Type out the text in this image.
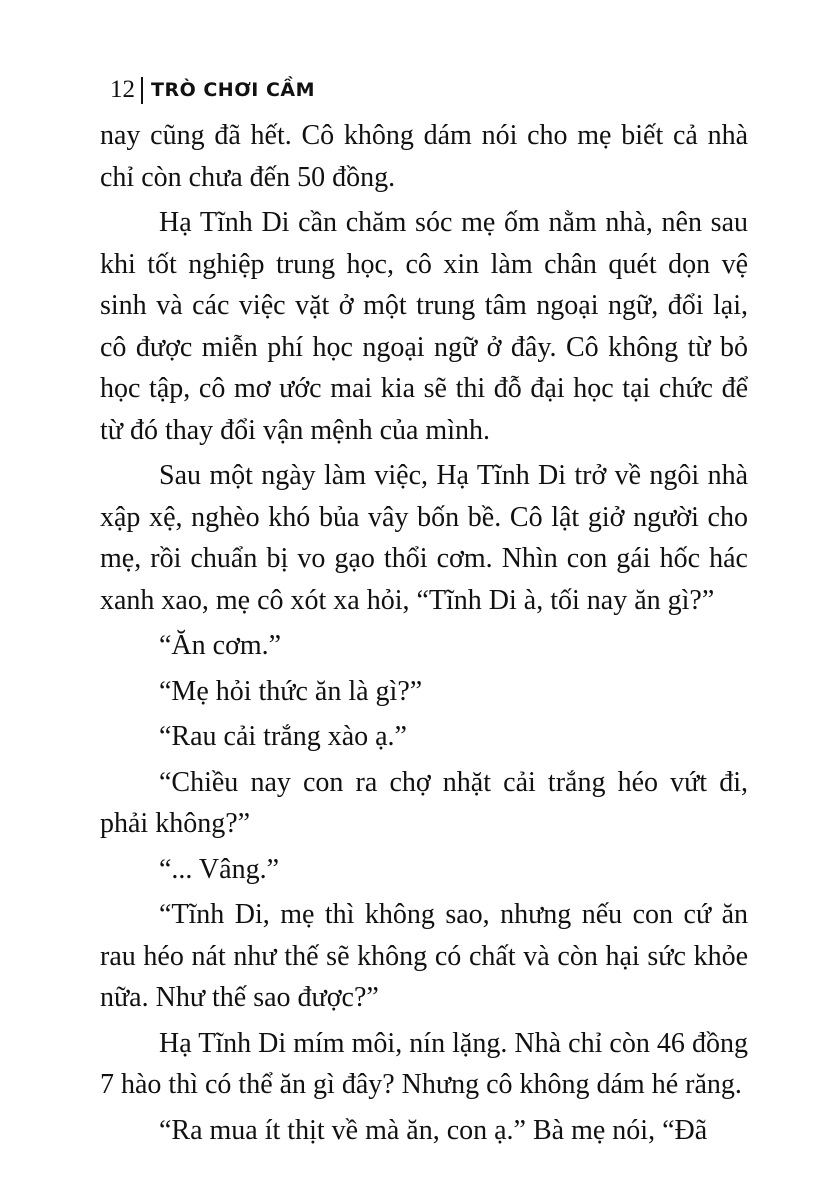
12 TRÒ CHƠI CẦM

nay cũng đã hết. Cô không dám nói cho mẹ biết cả nhà chỉ còn chưa đến 50 đồng.

Hạ Tĩnh Di cần chăm sóc mẹ ốm nằm nhà, nên sau khi tốt nghiệp trung học, cô xin làm chân quét dọn vệ sinh và các việc vặt ở một trung tâm ngoại ngữ, đổi lại, cô được miễn phí học ngoại ngữ ở đây. Cô không từ bỏ học tập, cô mơ ước mai kia sẽ thi đỗ đại học tại chức để từ đó thay đổi vận mệnh của mình.

Sau một ngày làm việc, Hạ Tĩnh Di trở về ngôi nhà xập xệ, nghèo khó bủa vây bốn bề. Cô lật giở người cho mẹ, rồi chuẩn bị vo gạo thổi cơm. Nhìn con gái hốc hác xanh xao, mẹ cô xót xa hỏi, “Tĩnh Di à, tối nay ăn gì?”

“Ăn cơm.”

“Mẹ hỏi thức ăn là gì?”

“Rau cải trắng xào ạ.”

“Chiều nay con ra chợ nhặt cải trắng héo vứt đi, phải không?”

“... Vâng.”

“Tĩnh Di, mẹ thì không sao, nhưng nếu con cứ ăn rau héo nát như thế sẽ không có chất và còn hại sức khỏe nữa. Như thế sao được?”

Hạ Tĩnh Di mím môi, nín lặng. Nhà chỉ còn 46 đồng 7 hào thì có thể ăn gì đây? Nhưng cô không dám hé răng.

“Ra mua ít thịt về mà ăn, con ạ.” Bà mẹ nói, “Đã
